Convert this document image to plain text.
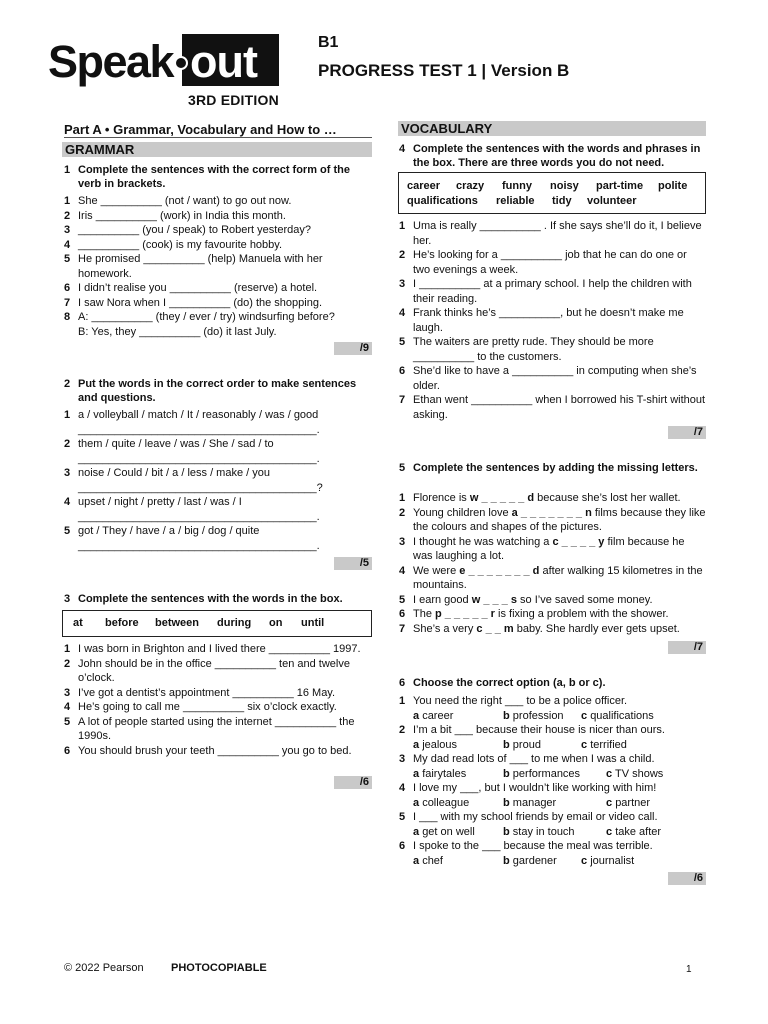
Speak out
3RD EDITION
B1
PROGRESS TEST 1 | Version B
Part A • Grammar, Vocabulary and How to …
GRAMMAR
1 Complete the sentences with the correct form of the verb in brackets.
1 She __________ (not / want) to go out now.
2 Iris __________ (work) in India this month.
3 __________ (you / speak) to Robert yesterday?
4 __________ (cook) is my favourite hobby.
5 He promised __________ (help) Manuela with her homework.
6 I didn’t realise you __________ (reserve) a hotel.
7 I saw Nora when I __________ (do) the shopping.
8 A: __________ (they / ever / try) windsurfing before?
B: Yes, they __________ (do) it last July.
/9
2 Put the words in the correct order to make sentences and questions.
1 a / volleyball / match / It / reasonably / was / good
_______________________________________.
2 them / quite / leave / was / She / sad / to
_______________________________________.
3 noise / Could / bit / a / less / make / you
_______________________________________?
4 upset / night / pretty / last / was / I
_______________________________________.
5 got / They / have / a / big / dog / quite
_______________________________________.
/5
3 Complete the sentences with the words in the box.
at before between during on until
1 I was born in Brighton and I lived there __________ 1997.
2 John should be in the office __________ ten and twelve o’clock.
3 I’ve got a dentist’s appointment __________ 16 May.
4 He’s going to call me __________ six o’clock exactly.
5 A lot of people started using the internet __________ the 1990s.
6 You should brush your teeth __________ you go to bed.
/6
VOCABULARY
4 Complete the sentences with the words and phrases in the box. There are three words you do not need.
career crazy funny noisy part-time polite
qualifications reliable tidy volunteer
1 Uma is really __________ . If she says she’ll do it, I believe her.
2 He’s looking for a __________ job that he can do one or two evenings a week.
3 I __________ at a primary school. I help the children with their reading.
4 Frank thinks he’s __________, but he doesn’t make me laugh.
5 The waiters are pretty rude. They should be more __________ to the customers.
6 She’d like to have a __________ in computing when she’s older.
7 Ethan went __________ when I borrowed his T-shirt without asking.
/7
5 Complete the sentences by adding the missing letters.
1 Florence is w _ _ _ _ _ d because she’s lost her wallet.
2 Young children love a _ _ _ _ _ _ _ n films because they like the colours and shapes of the pictures.
3 I thought he was watching a c _ _ _ _ y film because he was laughing a lot.
4 We were e _ _ _ _ _ _ _ d after walking 15 kilometres in the mountains.
5 I earn good w _ _ _ s so I’ve saved some money.
6 The p _ _ _ _ _ r is fixing a problem with the shower.
7 She’s a very c _ _ m baby. She hardly ever gets upset.
/7
6 Choose the correct option (a, b or c).
1 You need the right ___ to be a police officer.
a career	b profession c qualifications
2 I’m a bit ___ because their house is nicer than ours.
a jealous	b proud	c terrified
3 My dad read lots of ___ to me when I was a child.
a fairytales	b performances c TV shows
4 I love my ___, but I wouldn’t like working with him!
a colleague	b manager	c partner
5 I ___ with my school friends by email or video call.
a get on well	b stay in touch	c take after
6 I spoke to the ___ because the meal was terrible.
a chef	b gardener c journalist
/6
© 2022 Pearson PHOTOCOPIABLE	1
